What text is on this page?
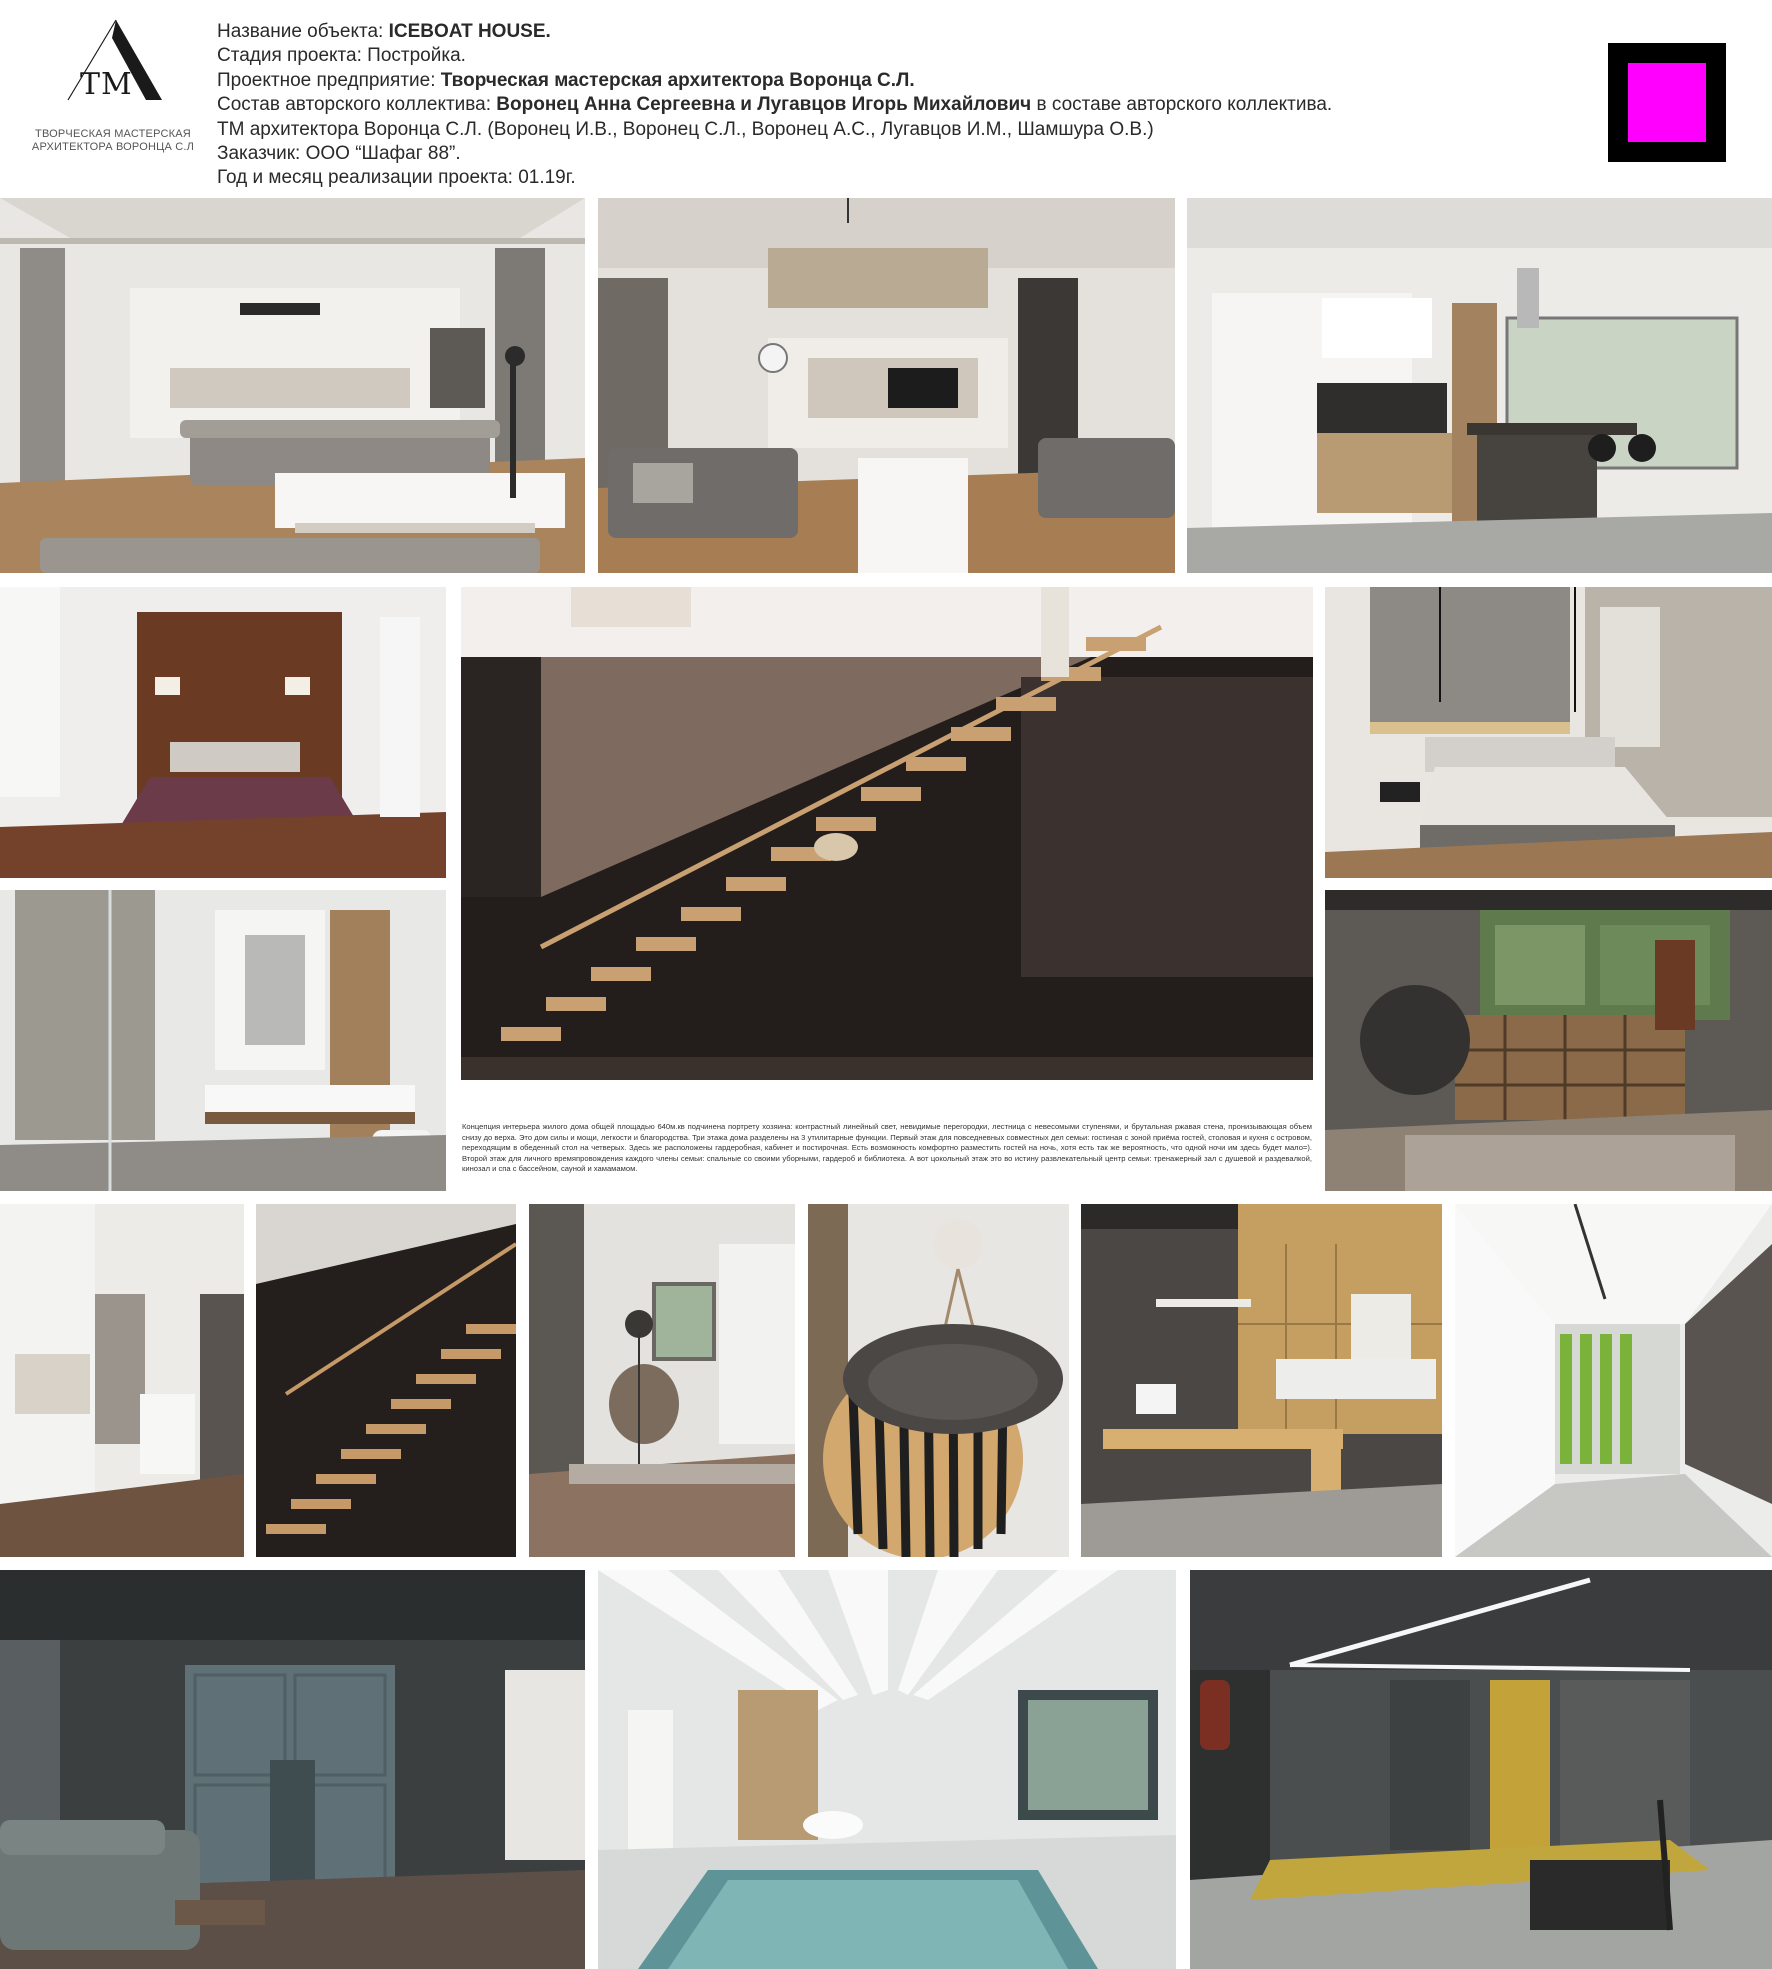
TM
ТВОРЧЕСКАЯ МАСТЕРСКАЯ
АРХИТЕКТОРА ВОРОНЦА С.Л
Название объекта: ICEBOAT HOUSE.
Стадия проекта: Постройка.
Проектное предприятие: Творческая мастерская архитектора Воронца С.Л.
Состав авторского коллектива: Воронец Анна Сергеевна и Лугавцов Игорь Михайлович в составе авторского коллектива.
ТМ архитектора Воронца С.Л. (Воронец И.В., Воронец С.Л., Воронец А.С., Лугавцов И.М., Шамшура О.В.)
Заказчик: ООО “Шафаг 88”.
Год и месяц реализации проекта: 01.19г.
Концепция интерьера жилого дома общей площадью 640м.кв подчинена портрету хозяина: контрастный линейный свет, невидимые перегородки, лестница с невесомыми ступенями, и брутальная ржавая стена, пронизывающая объем снизу до верха. Это дом силы и мощи, легкости и благородства. Три этажа дома разделены на 3 утилитарные функции. Первый этаж для повседневных совместных дел семьи: гостиная с зоной приёма гостей, столовая и кухня с островом, переходящим в обеденный стол на четверых. Здесь же расположены гардеробная, кабинет и постирочная. Есть возможность комфортно разместить гостей на ночь, хотя есть так же вероятность, что одной ночи им здесь будет мало=). Второй этаж для личного времяпровождения каждого члены семьи: спальные со своими уборными, гардероб и библиотека. А вот цокольный этаж это во истину развлекательный центр семьи: тренажерный зал с душевой и раздевалкой, кинозал и спа с бассейном, сауной и хамамамом.
